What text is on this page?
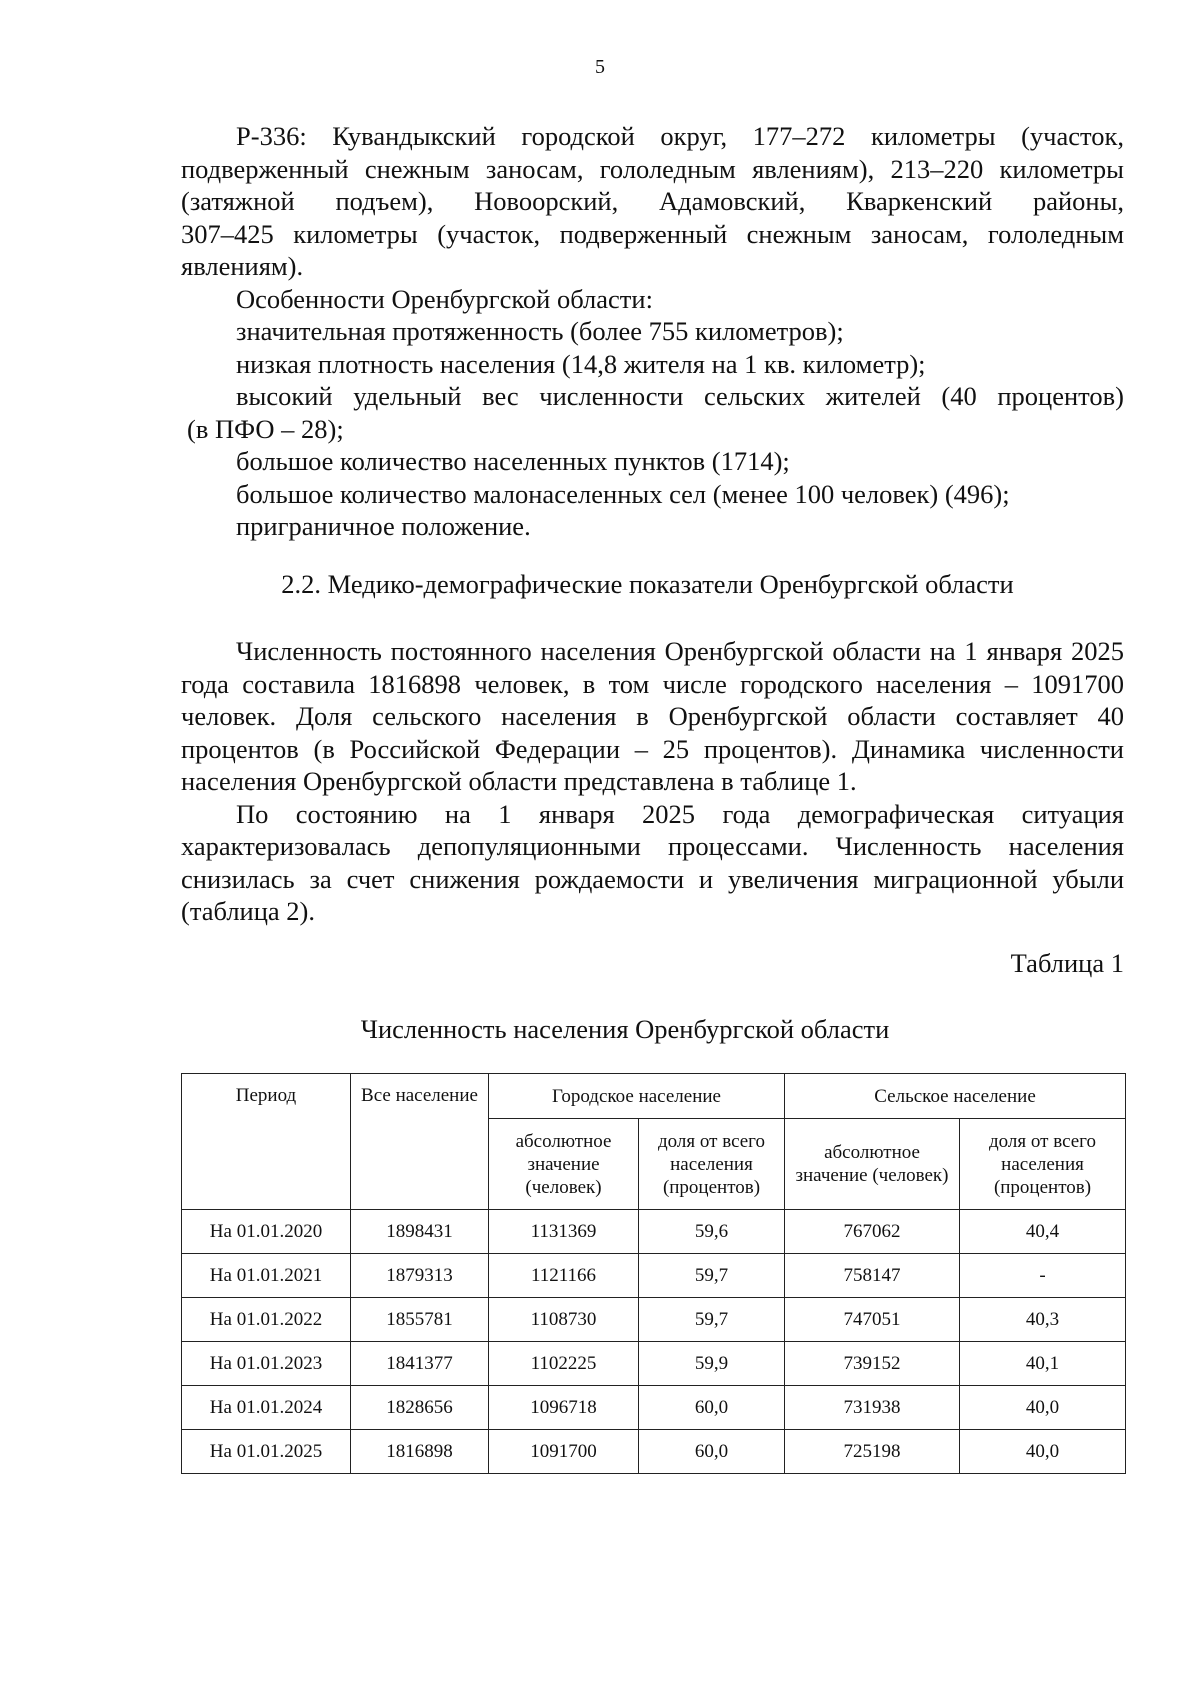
5

Р-336: Кувандыкский городской округ, 177–272 километры (участок,

подверженный снежным заносам, гололедным явлениям), 213–220 километры

(затяжной подъем), Новоорский, Адамовский, Кваркенский районы,

307–425 километры (участок, подверженный снежным заносам, гололедным

явлениям).

Особенности Оренбургской области:

значительная протяженность (более 755 километров);

низкая плотность населения (14,8 жителя на 1 кв. километр);

высокий удельный вес численности сельских жителей (40 процентов)

(в ПФО – 28);

большое количество населенных пунктов (1714);

большое количество малонаселенных сел (менее 100 человек) (496);

приграничное положение.

2.2. Медико-демографические показатели Оренбургской области

Численность постоянного населения Оренбургской области на 1 января 2025 года составила 1816898 человек, в том числе городского населения – 1091700 человек. Доля сельского населения в Оренбургской области составляет 40 процентов (в Российской Федерации – 25 процентов). Динамика численности населения Оренбургской области представлена в таблице 1.

По состоянию на 1 января 2025 года демографическая ситуация характеризовалась депопуляционными процессами. Численность населения снизилась за счет снижения рождаемости и увеличения миграционной убыли (таблица 2).

Таблица 1
Численность населения Оренбургской области
Период	Все население	Городское население		Сельское население	
		абсолютное значение (человек)	доля от всего населения (процентов)	абсолютное значение (человек)	доля от всего населения (процентов)
На 01.01.2020	1898431	1131369	59,6	767062	40,4
На 01.01.2021	1879313	1121166	59,7	758147	-
На 01.01.2022	1855781	1108730	59,7	747051	40,3
На 01.01.2023	1841377	1102225	59,9	739152	40,1
На 01.01.2024	1828656	1096718	60,0	731938	40,0
На 01.01.2025	1816898	1091700	60,0	725198	40,0
